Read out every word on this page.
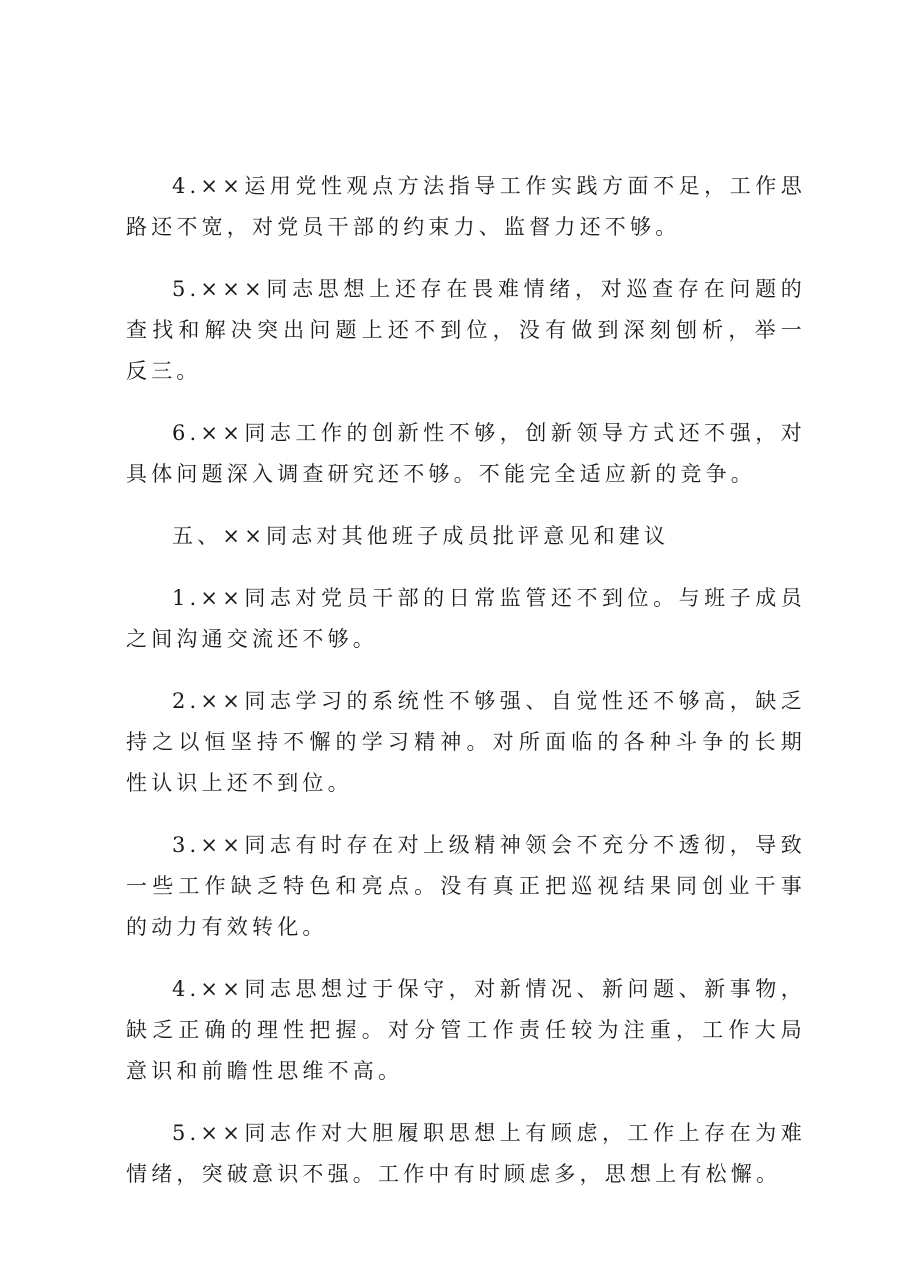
4.××运用党性观点方法指导工作实践方面不足，工作思路还不宽，对党员干部的约束力、监督力还不够。

5.×××同志思想上还存在畏难情绪，对巡查存在问题的查找和解决突出问题上还不到位，没有做到深刻刨析，举一反三。

6.××同志工作的创新性不够，创新领导方式还不强，对具体问题深入调查研究还不够。不能完全适应新的竞争。

五、××同志对其他班子成员批评意见和建议

1.××同志对党员干部的日常监管还不到位。与班子成员之间沟通交流还不够。

2.××同志学习的系统性不够强、自觉性还不够高，缺乏持之以恒坚持不懈的学习精神。对所面临的各种斗争的长期性认识上还不到位。

3.××同志有时存在对上级精神领会不充分不透彻，导致一些工作缺乏特色和亮点。没有真正把巡视结果同创业干事的动力有效转化。

4.××同志思想过于保守，对新情况、新问题、新事物，缺乏正确的理性把握。对分管工作责任较为注重，工作大局意识和前瞻性思维不高。

5.××同志作对大胆履职思想上有顾虑，工作上存在为难情绪，突破意识不强。工作中有时顾虑多，思想上有松懈。
